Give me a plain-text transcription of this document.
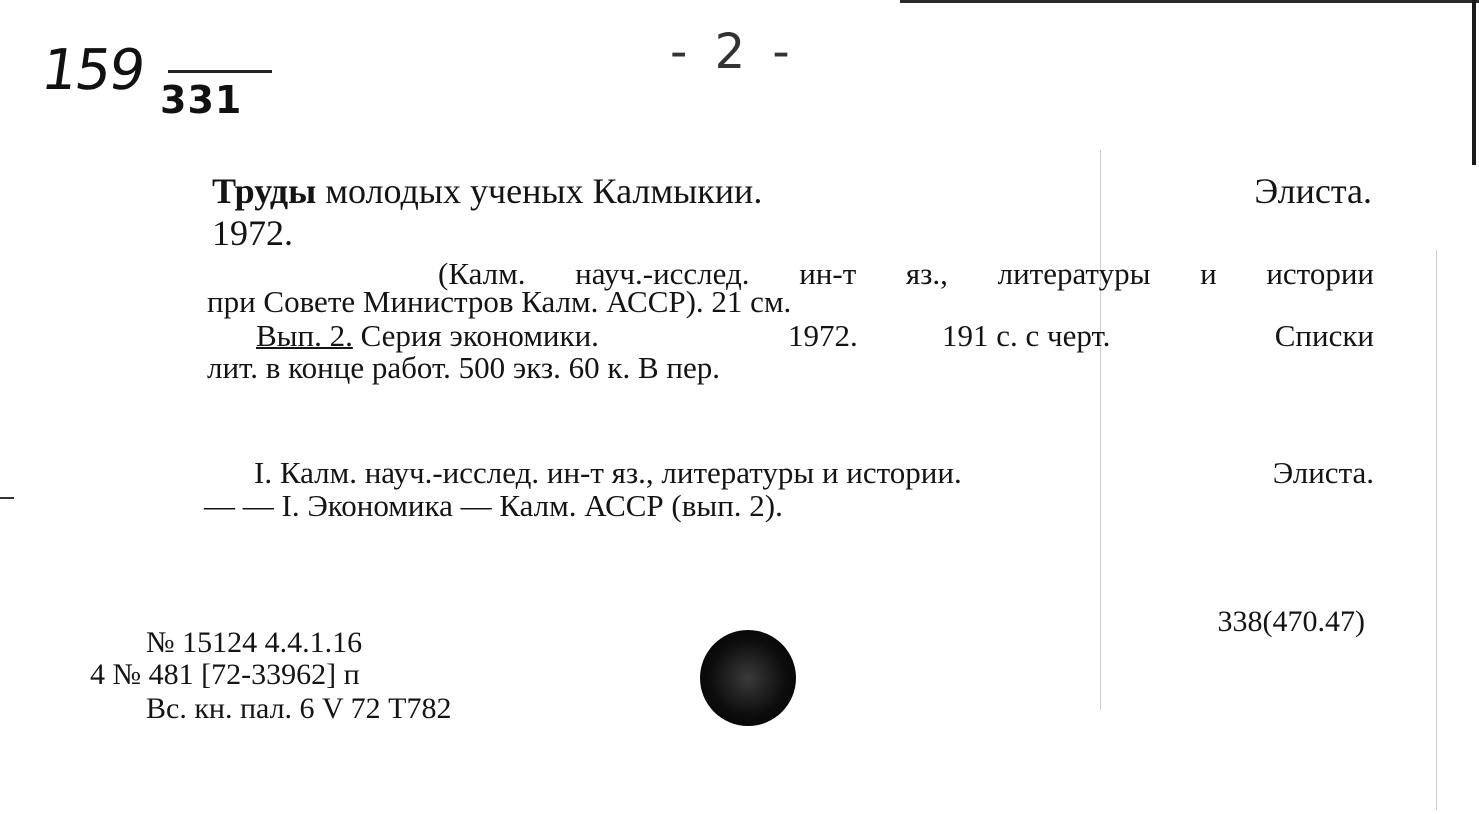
159 331
- 2 -
Труды молодых ученых Калмыкии.	Элиста.
1972.
(Калм. науч.-исслед. ин-т яз., литературы и истории
при Совете Министров Калм. АССР). 21 см.
Вып. 2. Серия экономики.	1972.	191 с. с черт.	Списки
лит. в конце работ. 500 экз. 60 к. В пер.
I. Калм. науч.-исслед. ин-т яз., литературы и истории.	Элиста.
— — I. Экономика — Калм. АССР (вып. 2).
№ 15124 4.4.1.16
4 № 481 [72-33962] п
Вс. кн. пал. 6 V 72 Т782
338(470.47)
